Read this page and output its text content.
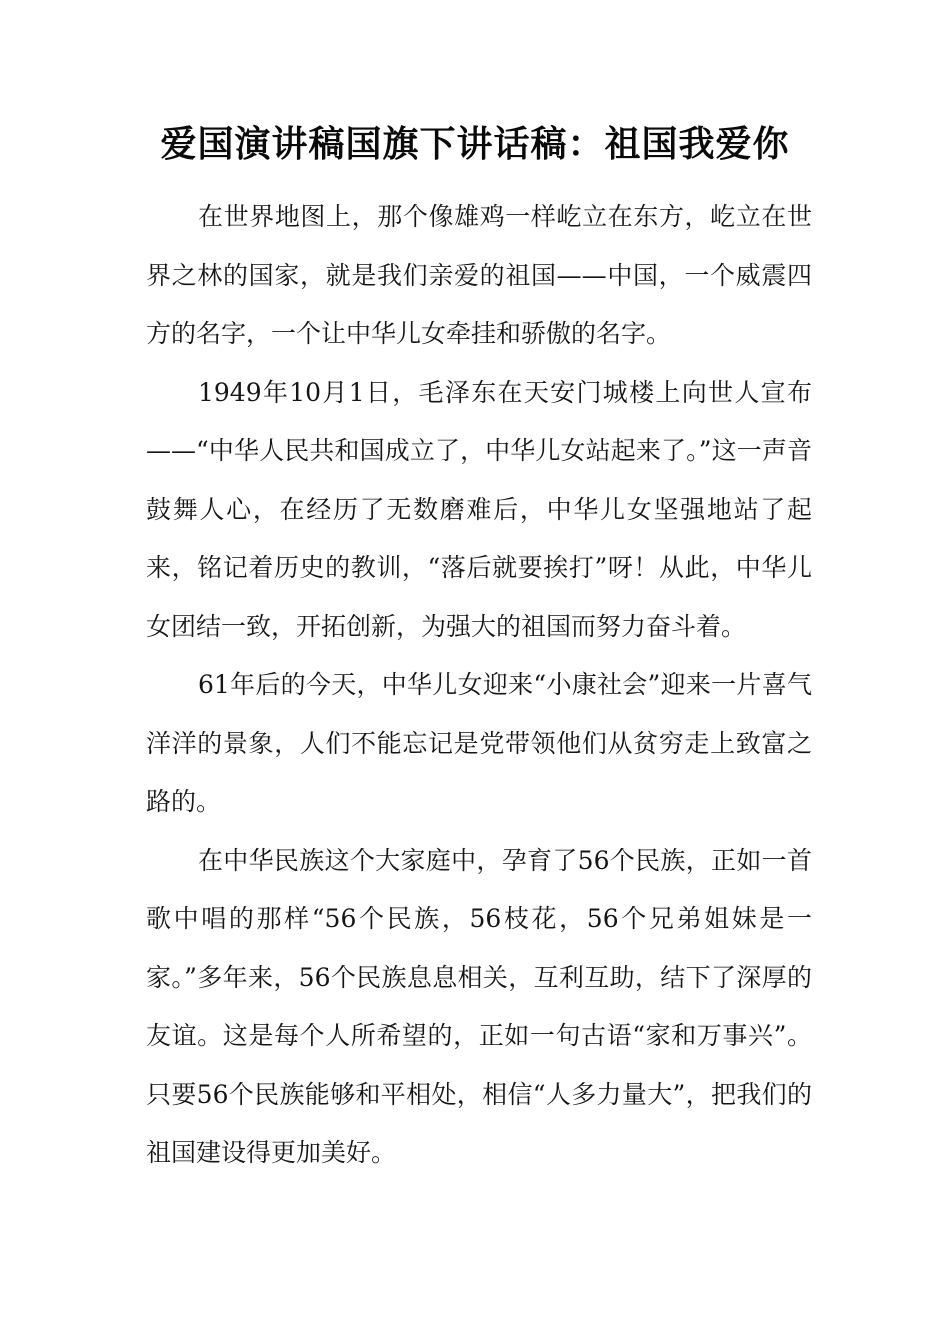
爱国演讲稿国旗下讲话稿：祖国我爱你

在世界地图上，那个像雄鸡一样屹立在东方，屹立在世界之林的国家，就是我们亲爱的祖国——中国，一个威震四方的名字，一个让中华儿女牵挂和骄傲的名字。

1949年10月1日，毛泽东在天安门城楼上向世人宣布——“中华人民共和国成立了，中华儿女站起来了。”这一声音鼓舞人心，在经历了无数磨难后，中华儿女坚强地站了起来，铭记着历史的教训，“落后就要挨打”呀！从此，中华儿女团结一致，开拓创新，为强大的祖国而努力奋斗着。

61年后的今天，中华儿女迎来“小康社会”迎来一片喜气洋洋的景象，人们不能忘记是党带领他们从贫穷走上致富之路的。

在中华民族这个大家庭中，孕育了56个民族，正如一首歌中唱的那样“56个民族，56枝花，56个兄弟姐妹是一家。”多年来，56个民族息息相关，互利互助，结下了深厚的友谊。这是每个人所希望的，正如一句古语“家和万事兴”。只要56个民族能够和平相处，相信“人多力量大”，把我们的祖国建设得更加美好。
